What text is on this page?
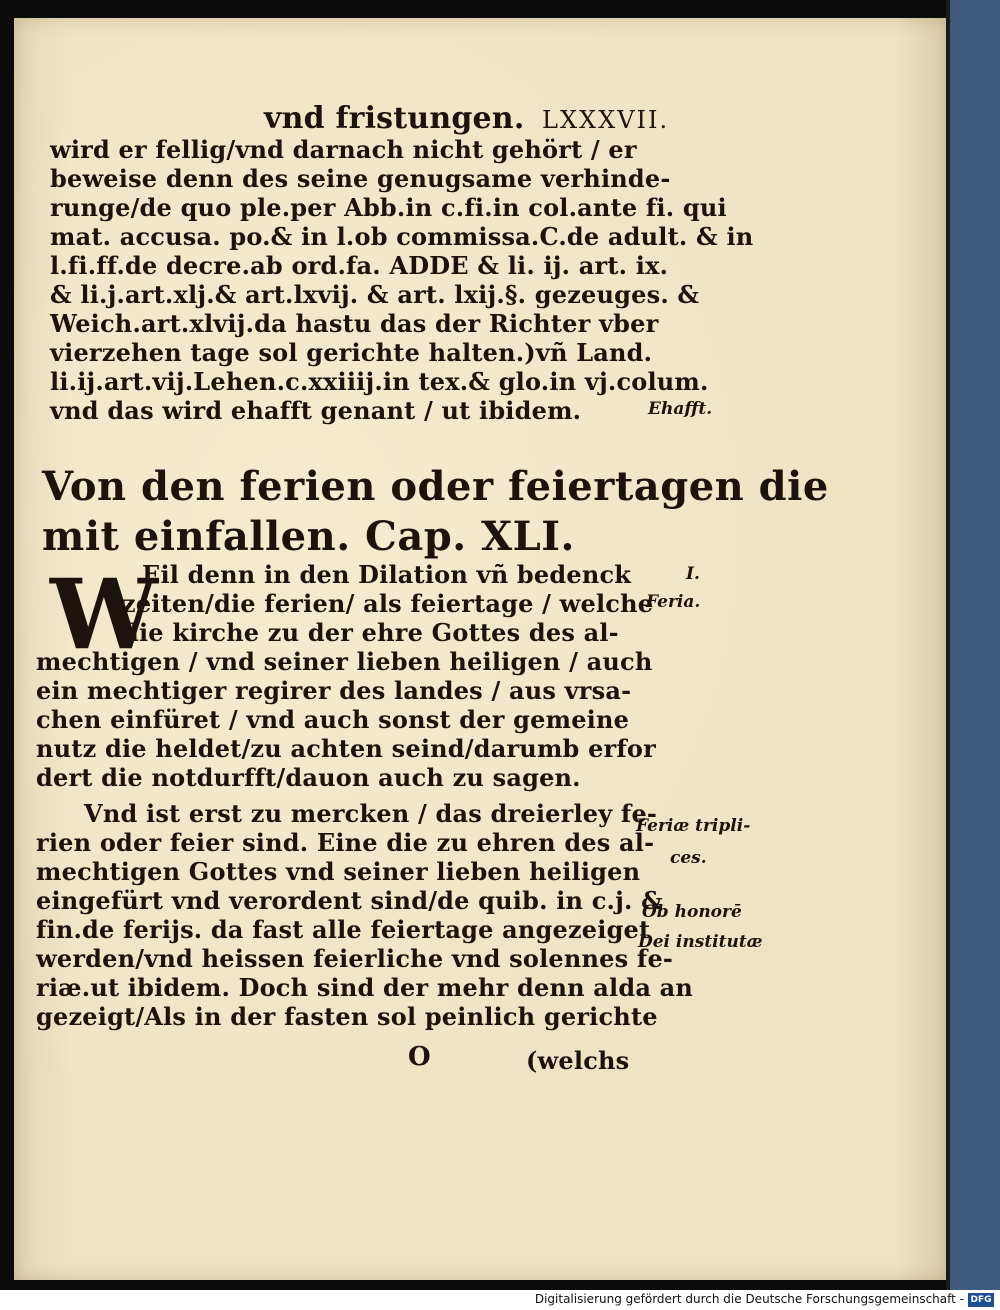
vnd fristungen. LXXXVII.
wird er fellig/vnd darnach nicht gehört / er
beweise denn des seine genugsame verhinde-
runge/de quo ple.per Abb.in c.fi.in col.ante fi. qui
mat. accusa. po.& in l.ob commissa.C.de adult. & in
l.fi.ff.de decre.ab ord.fa. ADDE & li. ij. art. ix.
& li.j.art.xlj.& art.lxvij. & art. lxij.§. gezeuges. &
Weich.art.xlvij.da hastu das der Richter vber
vierzehen tage sol gerichte halten.)vñ Land.
li.ij.art.vij.Lehen.c.xxiiij.in tex.& glo.in vj.colum.
vnd das wird ehafft genant / ut ibidem.
Von den ferien oder feiertagen die
mit einfallen. Cap. XLI.
W
Eil denn in den Dilation vñ bedenck
zeiten/die ferien/ als feiertage / welche
die kirche zu der ehre Gottes des al-
mechtigen / vnd seiner lieben heiligen / auch
ein mechtiger regirer des landes / aus vrsa-
chen einfüret / vnd auch sonst der gemeine
nutz die heldet/zu achten seind/darumb erfor
dert die notdurfft/dauon auch zu sagen.
Vnd ist erst zu mercken / das dreierley fe-
rien oder feier sind. Eine die zu ehren des al-
mechtigen Gottes vnd seiner lieben heiligen
eingefürt vnd verordent sind/de quib. in c.j. &
fin.de ferijs. da fast alle feiertage angezeiget
werden/vnd heissen feierliche vnd solennes fe-
riæ.ut ibidem. Doch sind der mehr denn alda an
gezeigt/Als in der fasten sol peinlich gerichte
O	(welchs
Ehafft.
I.
Feria.
Feriæ tripli-
ces.
Ob honorē
Dei institutæ
Digitalisierung gefördert durch die Deutsche Forschungsgemeinschaft - DFG
